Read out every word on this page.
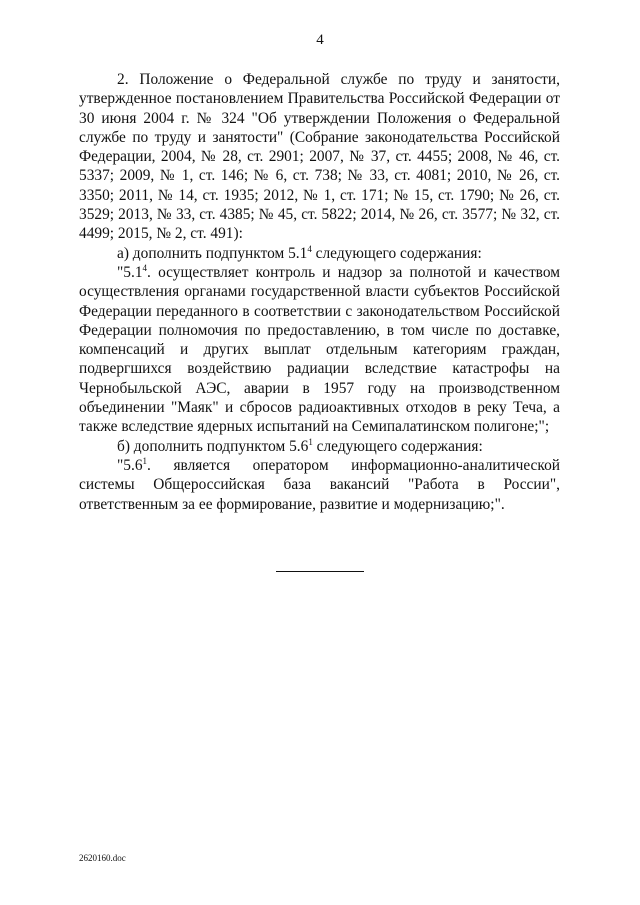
4

2. Положение о Федеральной службе по труду и занятости, утвержденное постановлением Правительства Российской Федерации от 30 июня 2004 г. № 324 "Об утверждении Положения о Федеральной службе по труду и занятости" (Собрание законодательства Российской Федерации, 2004, № 28, ст. 2901; 2007, № 37, ст. 4455; 2008, № 46, ст. 5337; 2009, № 1, ст. 146; № 6, ст. 738; № 33, ст. 4081; 2010, № 26, ст. 3350; 2011, № 14, ст. 1935; 2012, № 1, ст. 171; № 15, ст. 1790; № 26, ст. 3529; 2013, № 33, ст. 4385; № 45, ст. 5822; 2014, № 26, ст. 3577; № 32, ст. 4499; 2015, № 2, ст. 491):

а) дополнить подпунктом $5.1^4$ следующего содержания:

"$5.1^4$. осуществляет контроль и надзор за полнотой и качеством осуществления органами государственной власти субъектов Российской Федерации переданного в соответствии с законодательством Российской Федерации полномочия по предоставлению, в том числе по доставке, компенсаций и других выплат отдельным категориям граждан, подвергшихся воздействию радиации вследствие катастрофы на Чернобыльской АЭС, аварии в 1957 году на производственном объединении "Маяк" и сбросов радиоактивных отходов в реку Теча, а также вследствие ядерных испытаний на Семипалатинском полигоне;";

б) дополнить подпунктом $5.6^1$ следующего содержания:

"$5.6^1$. является оператором информационно-аналитической системы Общероссийская база вакансий "Работа в России", ответственным за ее формирование, развитие и модернизацию;".

2620160.doc
